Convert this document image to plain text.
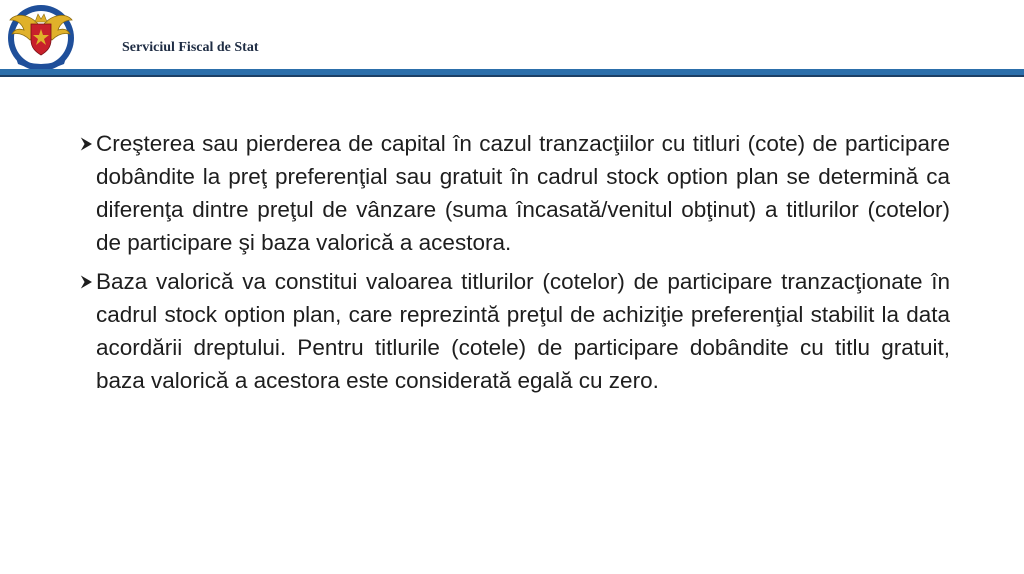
Serviciul Fiscal de Stat

Creşterea sau pierderea de capital în cazul tranzacţiilor cu titluri (cote) de participare dobândite la preţ preferenţial sau gratuit în cadrul stock option plan se determină ca diferenţa dintre preţul de vânzare (suma încasată/venitul obţinut) a titlurilor (cotelor) de participare şi baza valorică a acestora.

Baza valorică va constitui valoarea titlurilor (cotelor) de participare tranzacţionate în cadrul stock option plan, care reprezintă preţul de achiziţie preferenţial stabilit la data acordării dreptului. Pentru titlurile (cotele) de participare dobândite cu titlu gratuit, baza valorică a acestora este considerată egală cu zero.
